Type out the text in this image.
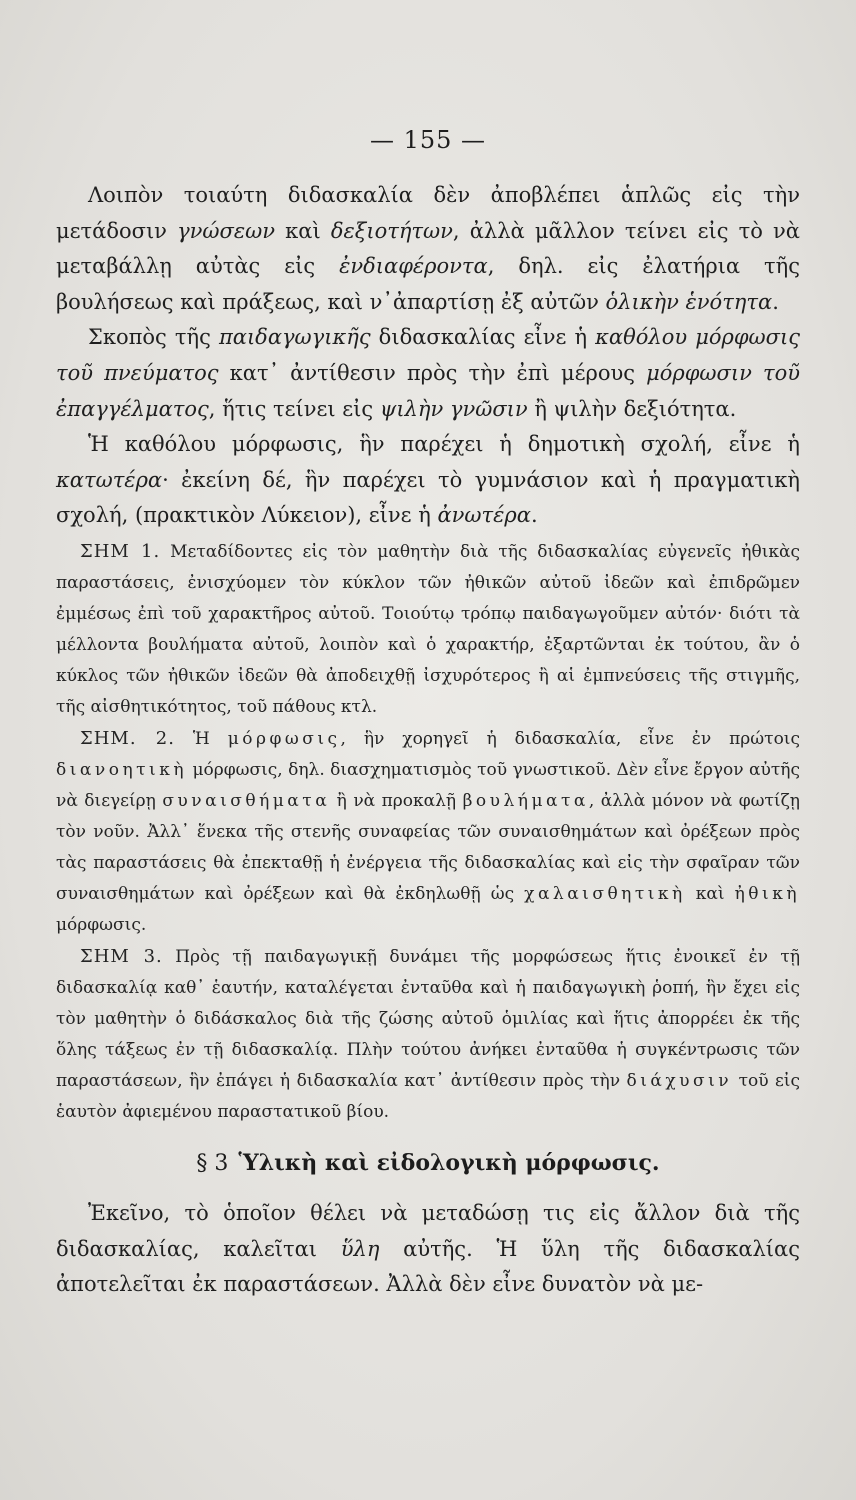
— 155 —

Λοιπὸν τοιαύτη διδασκαλία δὲν ἀποβλέπει ἁπλῶς εἰς τὴν μετάδοσιν γνώσεων καὶ δεξιοτήτων, ἀλλὰ μᾶλλον τείνει εἰς τὸ νὰ μεταβάλλῃ αὐτὰς εἰς ἐνδιαφέροντα, δηλ. εἰς ἐλατήρια τῆς βουλήσεως καὶ πράξεως, καὶ ν᾽ἀπαρτίσῃ ἐξ αὐτῶν ὁλικὴν ἑνότητα.

Σκοπὸς τῆς παιδαγωγικῆς διδασκαλίας εἶνε ἡ καθόλου μόρφωσις τοῦ πνεύματος κατ᾽ ἀντίθεσιν πρὸς τὴν ἐπὶ μέρους μόρφωσιν τοῦ ἐπαγγέλματος, ἥτις τείνει εἰς ψιλὴν γνῶσιν ἢ ψιλὴν δεξιότητα.

Ἡ καθόλου μόρφωσις, ἣν παρέχει ἡ δημοτικὴ σχολή, εἶνε ἡ κατωτέρα· ἐκείνη δέ, ἣν παρέχει τὸ γυμνάσιον καὶ ἡ πραγματικὴ σχολή, (πρακτικὸν Λύκειον), εἶνε ἡ ἀνωτέρα.

ΣΗΜ 1. Μεταδίδοντες εἰς τὸν μαθητὴν διὰ τῆς διδασκαλίας εὐγενεῖς ἠθικὰς παραστάσεις, ἐνισχύομεν τὸν κύκλον τῶν ἠθικῶν αὐτοῦ ἰδεῶν καὶ ἐπιδρῶμεν ἐμμέσως ἐπὶ τοῦ χαρακτῆρος αὐτοῦ. Τοιούτῳ τρόπῳ παιδαγωγοῦμεν αὐτόν· διότι τὰ μέλλοντα βουλήματα αὐτοῦ, λοιπὸν καὶ ὁ χαρακτήρ, ἐξαρτῶνται ἐκ τούτου, ἂν ὁ κύκλος τῶν ἠθικῶν ἰδεῶν θὰ ἀποδειχθῇ ἰσχυρότερος ἢ αἱ ἐμπνεύσεις τῆς στιγμῆς, τῆς αἰσθητικότητος, τοῦ πάθους κτλ.

ΣΗΜ. 2. Ἡ μόρφωσις, ἣν χορηγεῖ ἡ διδασκαλία, εἶνε ἐν πρώτοις διανοητικὴ μόρφωσις, δηλ. διασχηματισμὸς τοῦ γνωστικοῦ. Δὲν εἶνε ἔργον αὐτῆς νὰ διεγείρῃ συναισθήματα ἢ νὰ προκαλῇ βουλήματα, ἀλλὰ μόνον νὰ φωτίζῃ τὸν νοῦν. Ἀλλ᾽ ἕνεκα τῆς στενῆς συναφείας τῶν συναισθημάτων καὶ ὀρέξεων πρὸς τὰς παραστάσεις θὰ ἐπεκταθῇ ἡ ἐνέργεια τῆς διδασκαλίας καὶ εἰς τὴν σφαῖραν τῶν συναισθημάτων καὶ ὀρέξεων καὶ θὰ ἐκδηλωθῇ ὡς χαλαισθητικὴ καὶ ἠθικὴ μόρφωσις.

ΣΗΜ 3. Πρὸς τῇ παιδαγωγικῇ δυνάμει τῆς μορφώσεως ἥτις ἐνοικεῖ ἐν τῇ διδασκαλίᾳ καθ᾽ ἑαυτήν, καταλέγεται ἐνταῦθα καὶ ἡ παιδαγωγικὴ ῥοπή, ἣν ἔχει εἰς τὸν μαθητὴν ὁ διδάσκαλος διὰ τῆς ζώσης αὐτοῦ ὁμιλίας καὶ ἥτις ἀπορρέει ἐκ τῆς ὅλης τάξεως ἐν τῇ διδασκαλίᾳ. Πλὴν τούτου ἀνήκει ἐνταῦθα ἡ συγκέντρωσις τῶν παραστάσεων, ἣν ἐπάγει ἡ διδασκαλία κατ᾽ ἀντίθεσιν πρὸς τὴν διάχυσιν τοῦ εἰς ἑαυτὸν ἀφιεμένου παραστατικοῦ βίου.

§ 3 Ὑλικὴ καὶ εἰδολογικὴ μόρφωσις.

Ἐκεῖνο, τὸ ὁποῖον θέλει νὰ μεταδώσῃ τις εἰς ἄλλον διὰ τῆς διδασκαλίας, καλεῖται ὕλη αὐτῆς. Ἡ ὕλη τῆς διδασκαλίας ἀποτελεῖται ἐκ παραστάσεων. Ἀλλὰ δὲν εἶνε δυνατὸν νὰ με-
